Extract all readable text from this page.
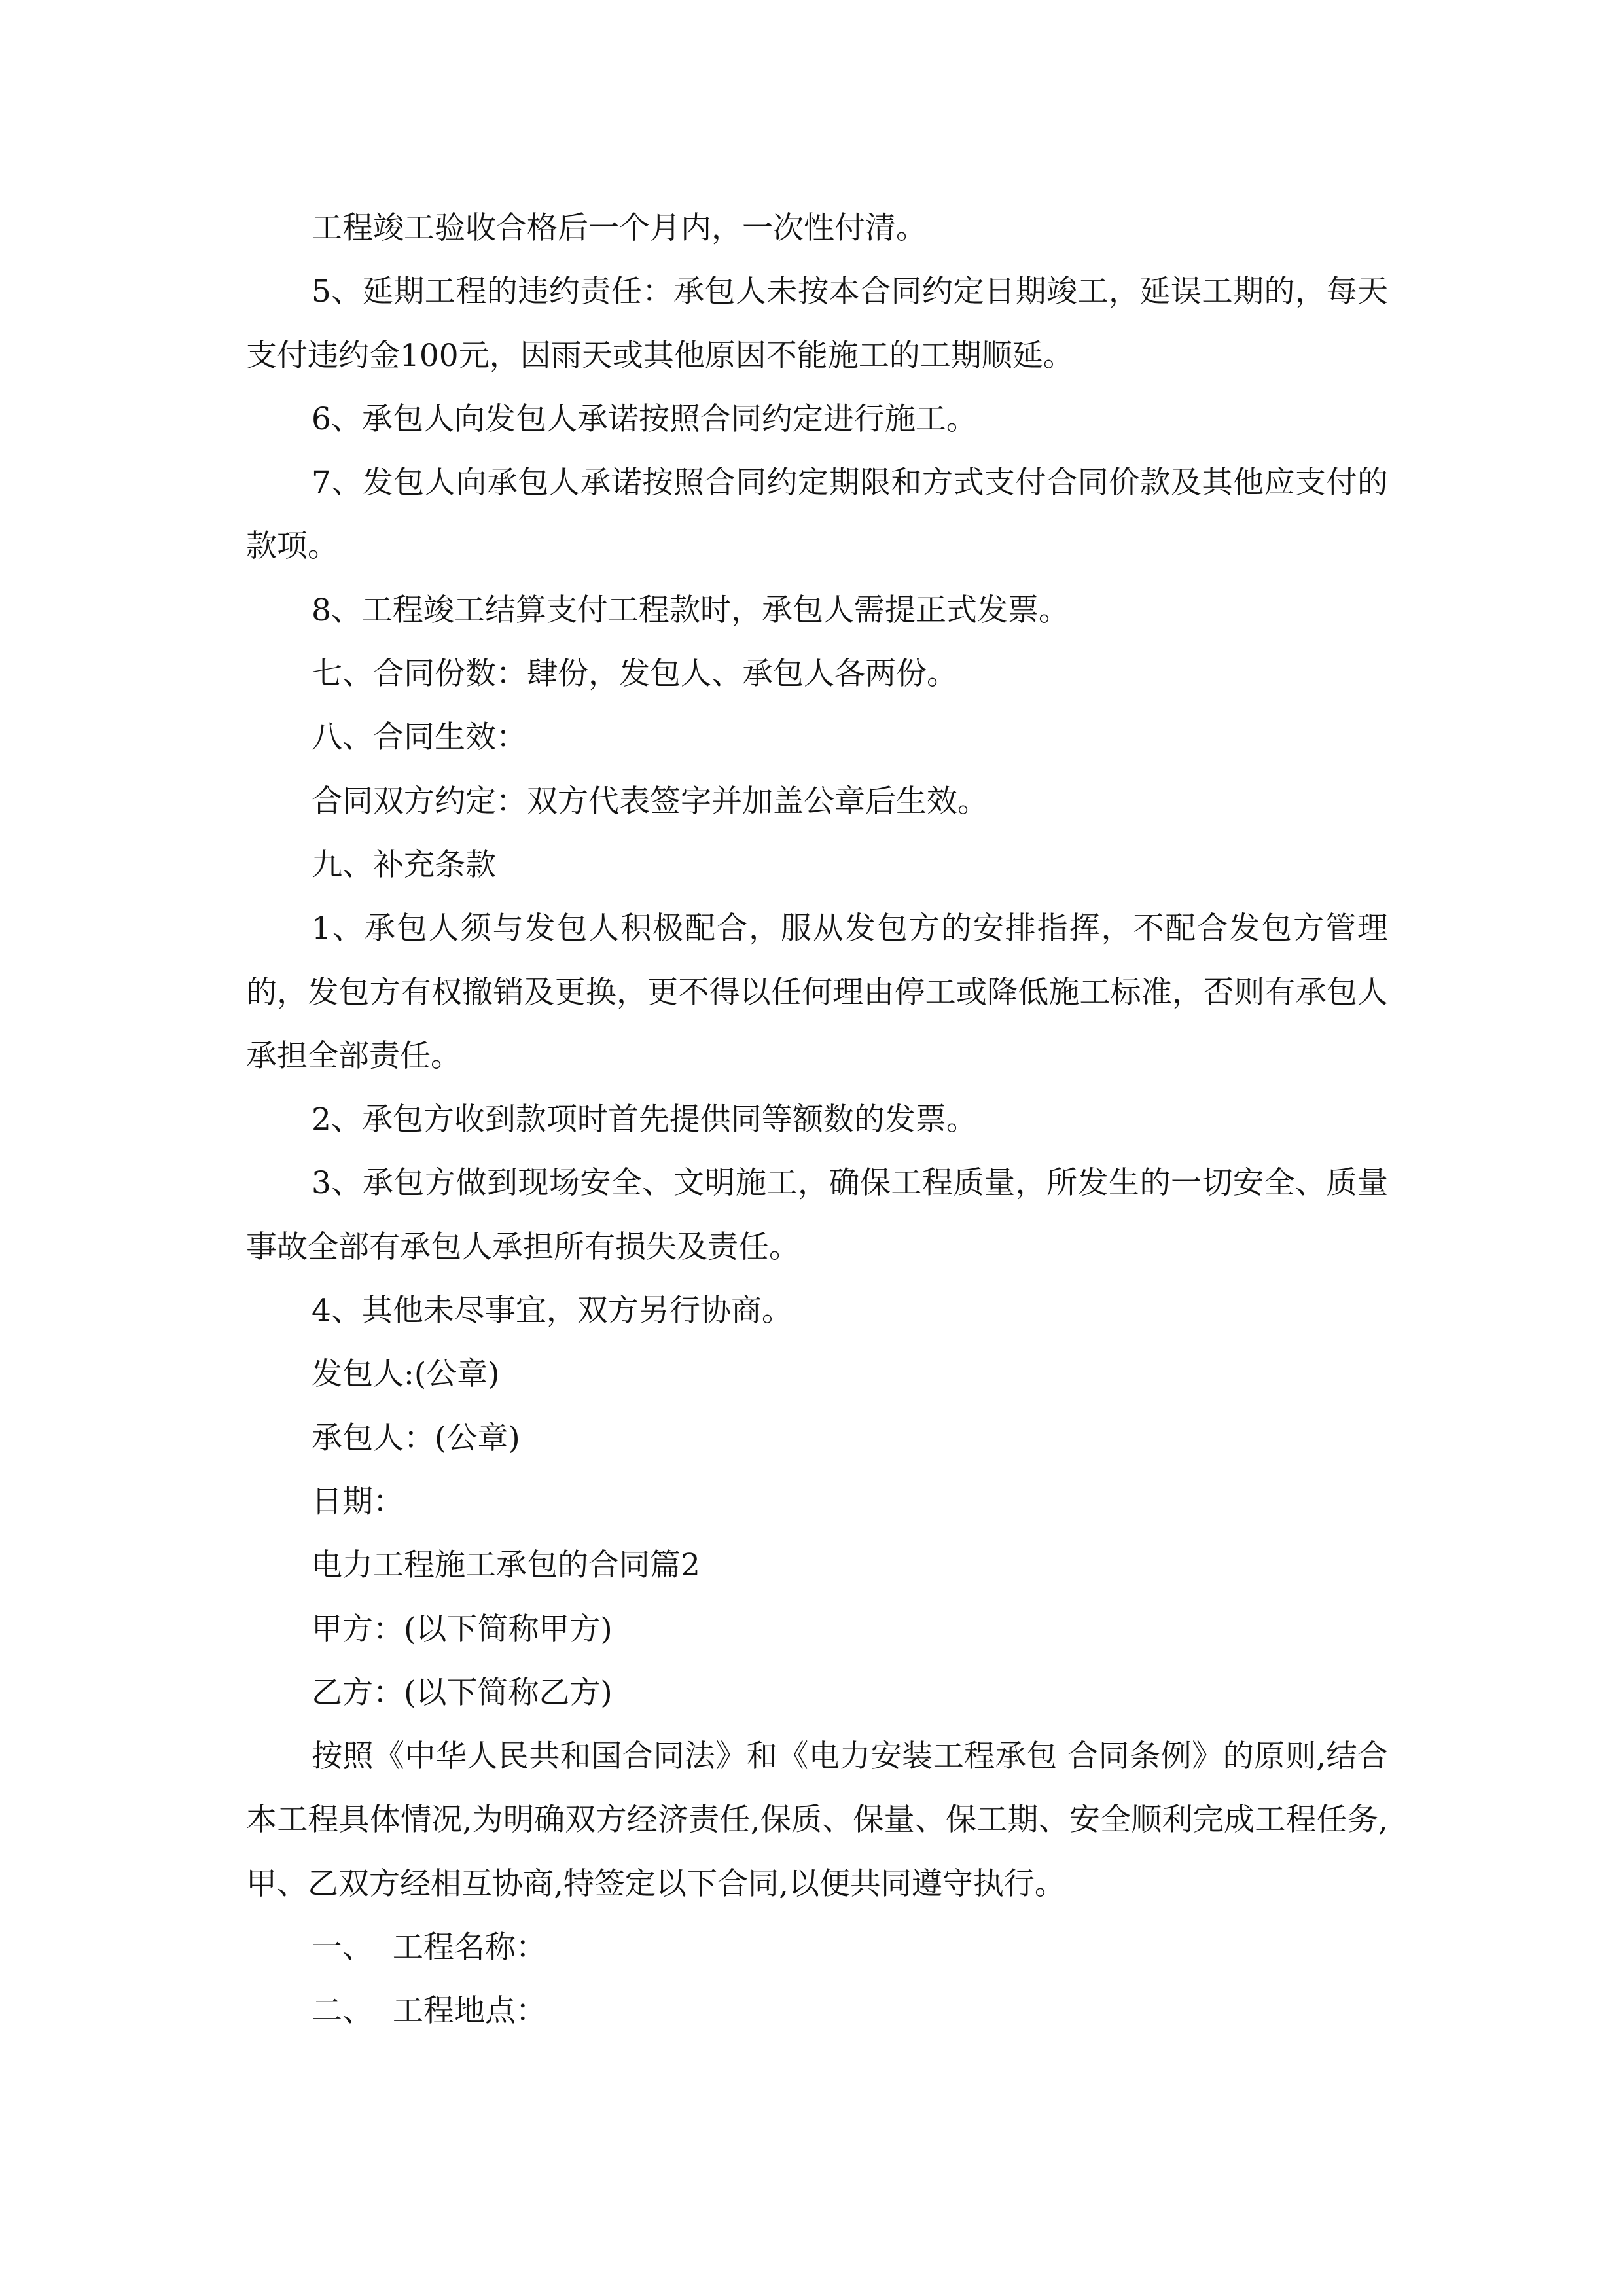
工程竣工验收合格后一个月内，一次性付清。

5、延期工程的违约责任：承包人未按本合同约定日期竣工，延误工期的，每天支付违约金100元，因雨天或其他原因不能施工的工期顺延。

6、承包人向发包人承诺按照合同约定进行施工。

7、发包人向承包人承诺按照合同约定期限和方式支付合同价款及其他应支付的款项。

8、工程竣工结算支付工程款时，承包人需提正式发票。

七、合同份数：肆份，发包人、承包人各两份。

八、合同生效：

合同双方约定：双方代表签字并加盖公章后生效。

九、补充条款

1、承包人须与发包人积极配合，服从发包方的安排指挥，不配合发包方管理的，发包方有权撤销及更换，更不得以任何理由停工或降低施工标准，否则有承包人承担全部责任。

2、承包方收到款项时首先提供同等额数的发票。

3、承包方做到现场安全、文明施工，确保工程质量，所发生的一切安全、质量事故全部有承包人承担所有损失及责任。

4、其他未尽事宜，双方另行协商。

发包人:(公章)

承包人：(公章)

日期：

电力工程施工承包的合同篇2

甲方：(以下简称甲方)

乙方：(以下简称乙方)

按照《中华人民共和国合同法》和《电力安装工程承包 合同条例》的原则,结合本工程具体情况,为明确双方经济责任,保质、保量、保工期、安全顺利完成工程任务,甲、乙双方经相互协商,特签定以下合同,以便共同遵守执行。

一、  工程名称：

二、  工程地点：
